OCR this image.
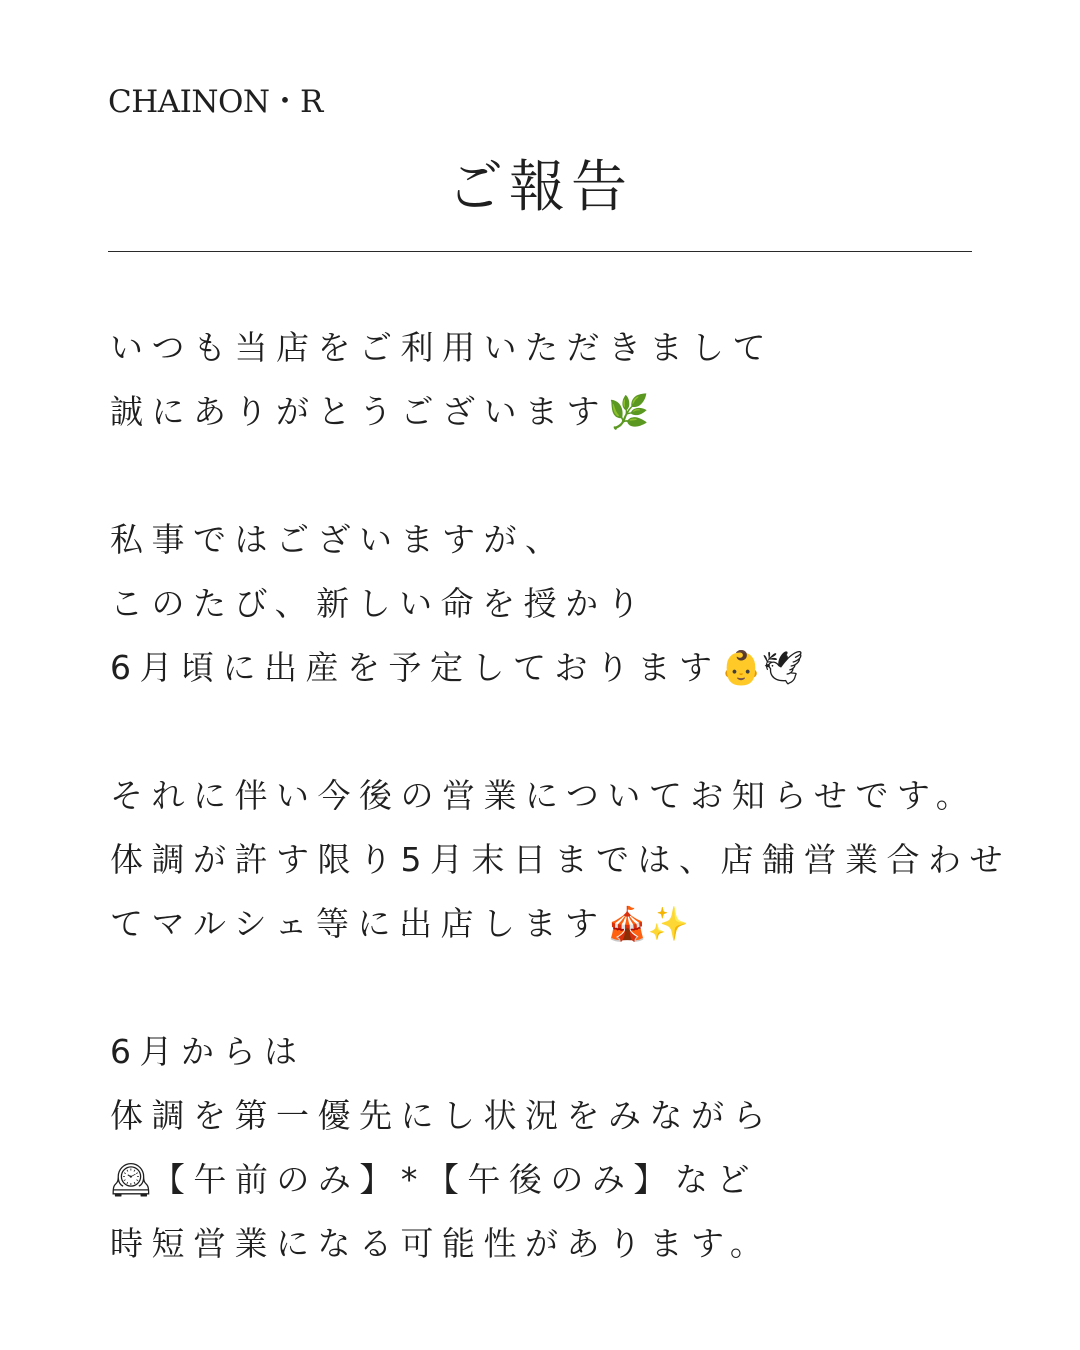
CHAINON・R
ご報告
いつも当店をご利用いただきまして
誠にありがとうございます🌿
私事ではございますが、
このたび、新しい命を授かり
6月頃に出産を予定しております👶🕊
それに伴い今後の営業についてお知らせです。
体調が許す限り5月末日までは、店舗営業合わせ
てマルシェ等に出店します🎪✨
6月からは
体調を第一優先にし状況をみながら
🕰【午前のみ】*【午後のみ】など
時短営業になる可能性があります。
